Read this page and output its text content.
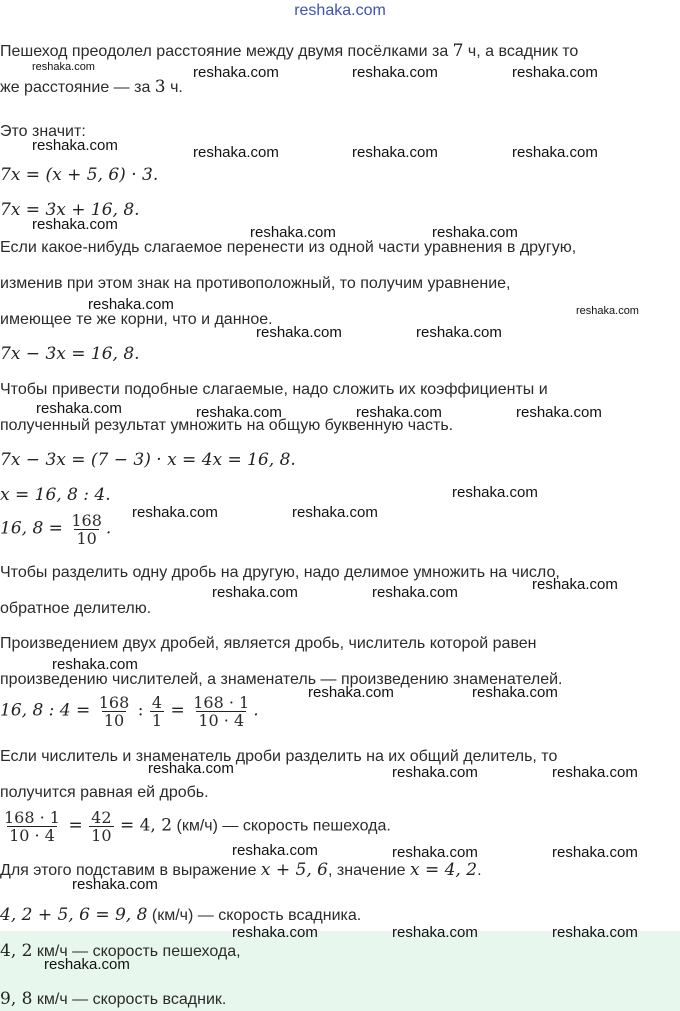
reshaka.com
Пешеход преодолел расстояние между двумя посёлками за 7 ч, а всадник то
же расстояние — за 3 ч.
Это значит:
7x = (x + 5, 6) · 3.
7x = 3x + 16, 8.
Если какое-нибудь слагаемое перенести из одной части уравнения в другую,
изменив при этом знак на противоположный, то получим уравнение,
имеющее те же корни, что и данное.
7x − 3x = 16, 8.
Чтобы привести подобные слагаемые, надо сложить их коэффициенты и
полученный результат умножить на общую буквенную часть.
7x − 3x = (7 − 3) · x = 4x = 16, 8.
x = 16, 8 : 4.
16, $8 = \frac{168}{10}$ .
Чтобы разделить одну дробь на другую, надо делимое умножить на число,
обратное делителю.
Произведением двух дробей, является дробь, числитель которой равен
произведению числителей, а знаменатель — произведению знаменателей.
16, 8 : $4 = \frac{168}{10}$ : $\frac{4}{1} = \frac{168 \cdot 1}{10 \cdot 4}$ .
Если числитель и знаменатель дроби разделить на их общий делитель, то
получится равная ей дробь.
$\frac{168 \cdot 1}{10 \cdot 4} = \frac{42}{10} = 4$, 2 (км/ч) — скорость пешехода.
Для этого подставим в выражение x + 5, 6, значение x = 4, 2.
4, 2 + 5, 6 = 9, 8 (км/ч) — скорость всадника.
4, 2 км/ч — скорость пешехода,
9, 8 км/ч — скорость всадник.
reshaka.com	reshaka.com	reshaka.com	reshaka.com
reshaka.com	reshaka.com	reshaka.com	reshaka.com
reshaka.com	reshaka.com	reshaka.com
reshaka.com	reshaka.com
reshaka.com	reshaka.com
reshaka.com	reshaka.com	reshaka.com	reshaka.com
reshaka.com
reshaka.com	reshaka.com
reshaka.com
reshaka.com	reshaka.com
reshaka.com
reshaka.com	reshaka.com
reshaka.com	reshaka.com	reshaka.com
reshaka.com	reshaka.com	reshaka.com
reshaka.com
reshaka.com	reshaka.com	reshaka.com
reshaka.com
